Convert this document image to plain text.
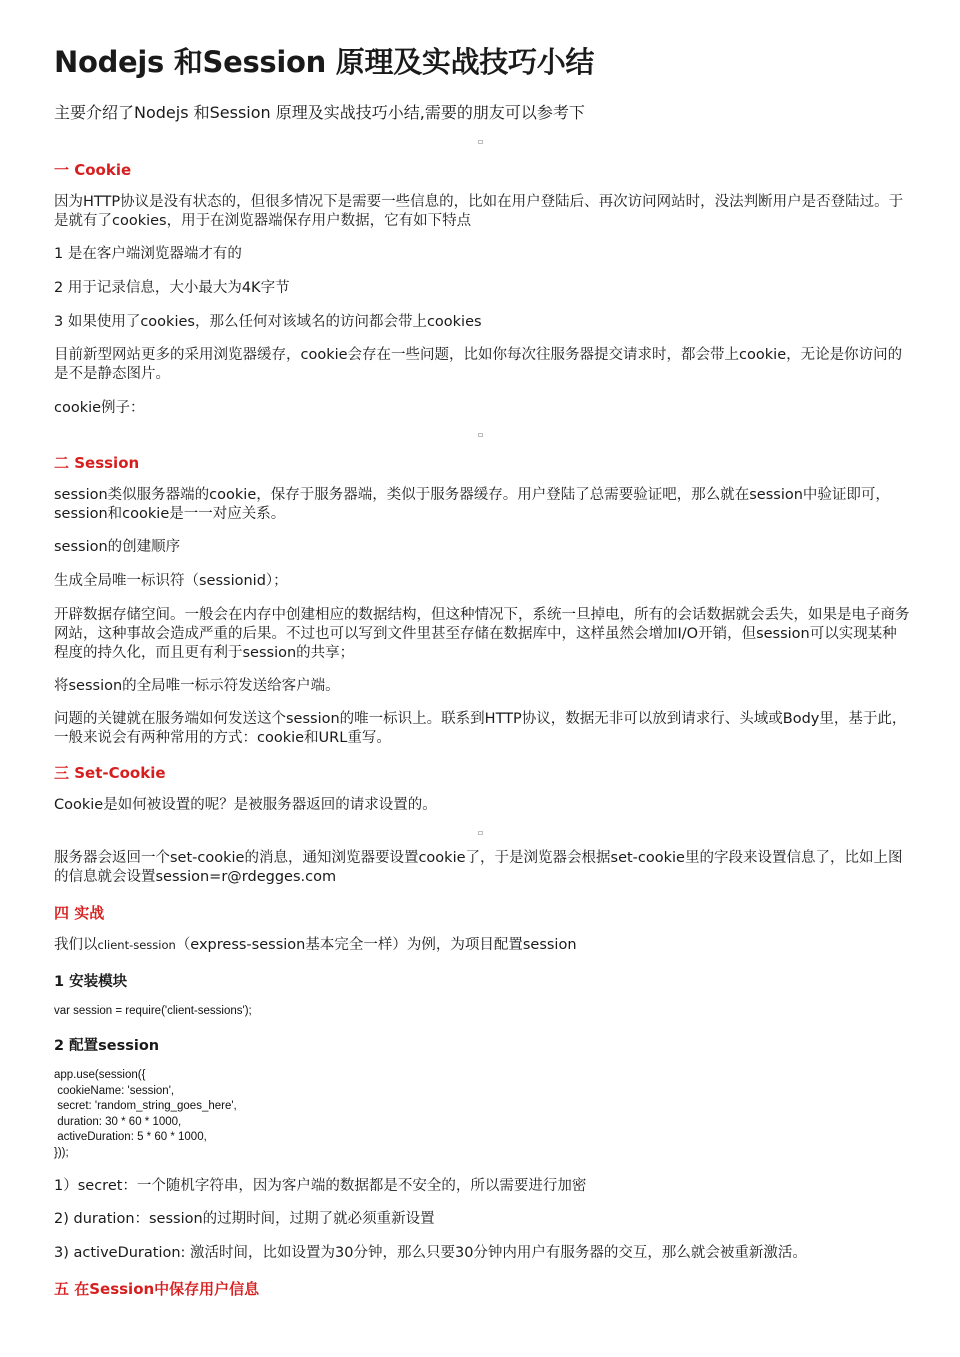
Nodejs 和Session 原理及实战技巧小结
主要介绍了Nodejs 和Session 原理及实战技巧小结,需要的朋友可以参考下
一 Cookie
因为HTTP协议是没有状态的，但很多情况下是需要一些信息的，比如在用户登陆后、再次访问网站时，没法判断用户是否登陆过。于是就有了cookies，用于在浏览器端保存用户数据，它有如下特点
1 是在客户端浏览器端才有的
2 用于记录信息，大小最大为4K字节
3 如果使用了cookies，那么任何对该域名的访问都会带上cookies
目前新型网站更多的采用浏览器缓存，cookie会存在一些问题，比如你每次往服务器提交请求时，都会带上cookie，无论是你访问的是不是静态图片。
cookie例子：
二 Session
session类似服务器端的cookie，保存于服务器端，类似于服务器缓存。用户登陆了总需要验证吧，那么就在session中验证即可，session和cookie是一一对应关系。
session的创建顺序
生成全局唯一标识符（sessionid）；
开辟数据存储空间。一般会在内存中创建相应的数据结构，但这种情况下，系统一旦掉电，所有的会话数据就会丢失，如果是电子商务网站，这种事故会造成严重的后果。不过也可以写到文件里甚至存储在数据库中，这样虽然会增加I/O开销，但session可以实现某种程度的持久化，而且更有利于session的共享；
将session的全局唯一标示符发送给客户端。
问题的关键就在服务端如何发送这个session的唯一标识上。联系到HTTP协议，数据无非可以放到请求行、头域或Body里，基于此，一般来说会有两种常用的方式：cookie和URL重写。
三 Set-Cookie
Cookie是如何被设置的呢？是被服务器返回的请求设置的。
服务器会返回一个set-cookie的消息，通知浏览器要设置cookie了，于是浏览器会根据set-cookie里的字段来设置信息了，比如上图的信息就会设置session=r@rdegges.com
四 实战
我们以client-session（express-session基本完全一样）为例，为项目配置session
1 安装模块
var session = require('client-sessions');
2 配置session
app.use(session({
cookieName: 'session',
secret: 'random_string_goes_here',
duration: 30 * 60 * 1000,
activeDuration: 5 * 60 * 1000,
}));
1）secret：一个随机字符串，因为客户端的数据都是不安全的，所以需要进行加密
2) duration：session的过期时间，过期了就必须重新设置
3) activeDuration: 激活时间，比如设置为30分钟，那么只要30分钟内用户有服务器的交互，那么就会被重新激活。
五 在Session中保存用户信息
